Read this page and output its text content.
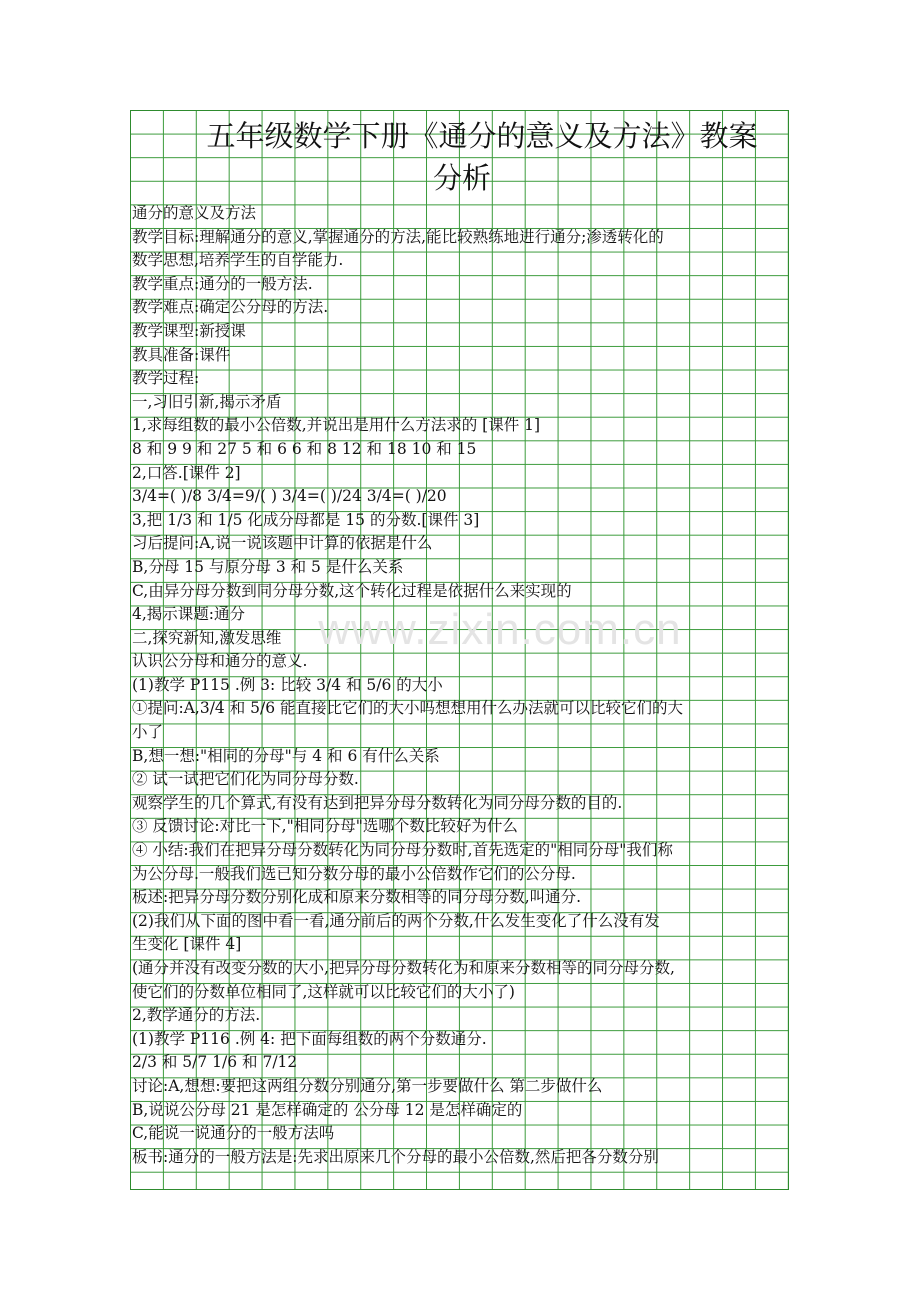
www.zixin.com.cn
五年级数学下册《通分的意义及方法》教案
分析
通分的意义及方法
教学目标:理解通分的意义,掌握通分的方法,能比较熟练地进行通分;渗透转化的
数学思想,培养学生的自学能力.
教学重点:通分的一般方法.
教学难点:确定公分母的方法.
教学课型:新授课
教具准备:课件
教学过程:
一,习旧引新,揭示矛盾
1,求每组数的最小公倍数,并说出是用什么方法求的 [课件 1]
8 和 9 9 和 27 5 和 6 6 和 8 12 和 18 10 和 15
2,口答.[课件 2]
3/4=( )/8 3/4=9/( ) 3/4=( )/24 3/4=( )/20
3,把 1/3 和 1/5 化成分母都是 15 的分数.[课件 3]
习后提问:A,说一说该题中计算的依据是什么
B,分母 15 与原分母 3 和 5 是什么关系
C,由异分母分数到同分母分数,这个转化过程是依据什么来实现的
4,揭示课题:通分
二,探究新知,激发思维
认识公分母和通分的意义.
(1)教学 P115 .例 3: 比较 3/4 和 5/6 的大小
①提问:A,3/4 和 5/6 能直接比它们的大小吗想想用什么办法就可以比较它们的大
小了
B,想一想:"相同的分母"与 4 和 6 有什么关系
② 试一试把它们化为同分母分数.
观察学生的几个算式,有没有达到把异分母分数转化为同分母分数的目的.
③ 反馈讨论:对比一下,"相同分母"选哪个数比较好为什么
④ 小结:我们在把异分母分数转化为同分母分数时,首先选定的"相同分母"我们称
为公分母.一般我们选已知分数分母的最小公倍数作它们的公分母.
板述:把异分母分数分别化成和原来分数相等的同分母分数,叫通分.
(2)我们从下面的图中看一看,通分前后的两个分数,什么发生变化了什么没有发
生变化 [课件 4]
(通分并没有改变分数的大小,把异分母分数转化为和原来分数相等的同分母分数,
使它们的分数单位相同了,这样就可以比较它们的大小了)
2,教学通分的方法.
(1)教学 P116 .例 4: 把下面每组数的两个分数通分.
2/3 和 5/7 1/6 和 7/12
讨论:A,想想:要把这两组分数分别通分,第一步要做什么 第二步做什么
B,说说公分母 21 是怎样确定的 公分母 12 是怎样确定的
C,能说一说通分的一般方法吗
板书:通分的一般方法是:先求出原来几个分母的最小公倍数,然后把各分数分别
